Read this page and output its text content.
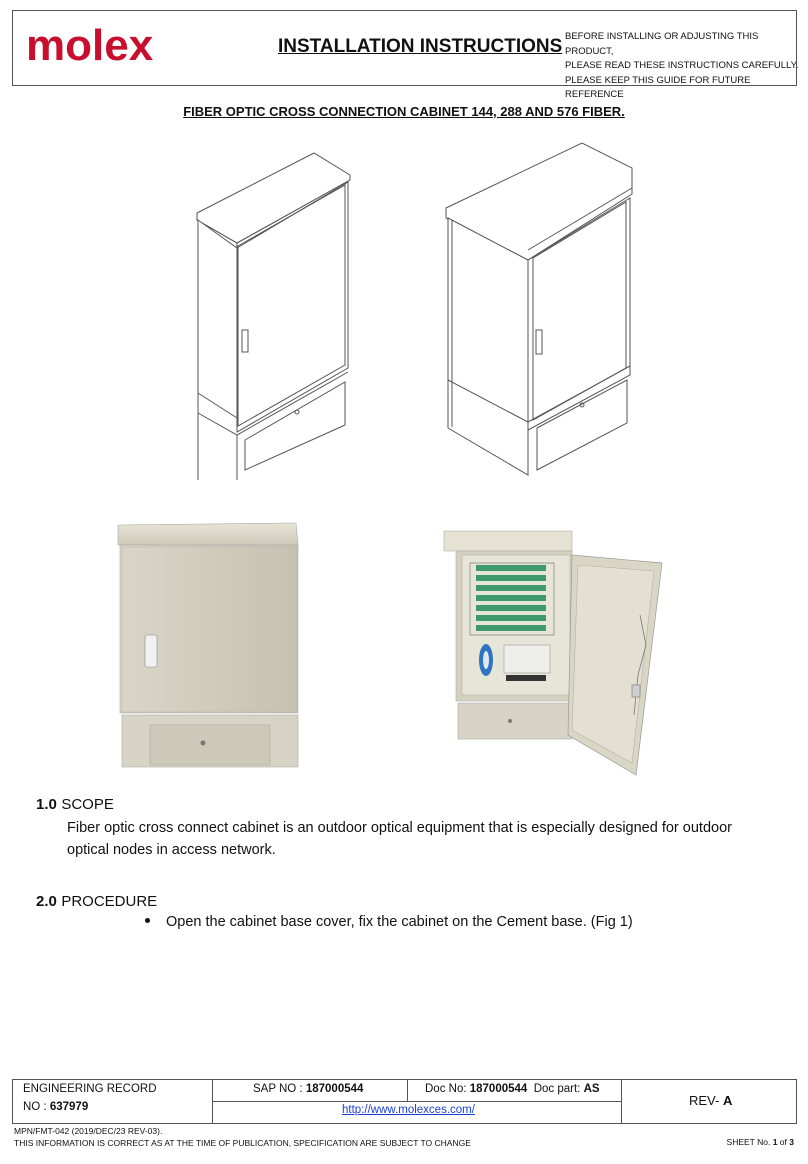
molex	INSTALLATION INSTRUCTIONS BEFORE INSTALLING OR ADJUSTING THIS PRODUCT,
PLEASE READ THESE INSTRUCTIONS CAREFULLY.
PLEASE KEEP THIS GUIDE FOR FUTURE REFERENCE
FIBER OPTIC CROSS CONNECTION CABINET 144, 288 AND 576 FIBER.
1.0 SCOPE
Fiber optic cross connect cabinet is an outdoor optical equipment that is especially designed for outdoor optical nodes in access network.
2.0 PROCEDURE
Open the cabinet base cover, fix the cabinet on the Cement base. (Fig 1)
ENGINEERING RECORD
NO : 637979
SAP NO : 187000544	Doc No: 187000544 Doc part: AS
http://www.molexces.com/
REV- A
MPN/FMT-042 (2019/DEC/23 REV-03).
THIS INFORMATION IS CORRECT AS AT THE TIME OF PUBLICATION, SPECIFICATION ARE SUBJECT TO CHANGE	SHEET No. 1 of 3
